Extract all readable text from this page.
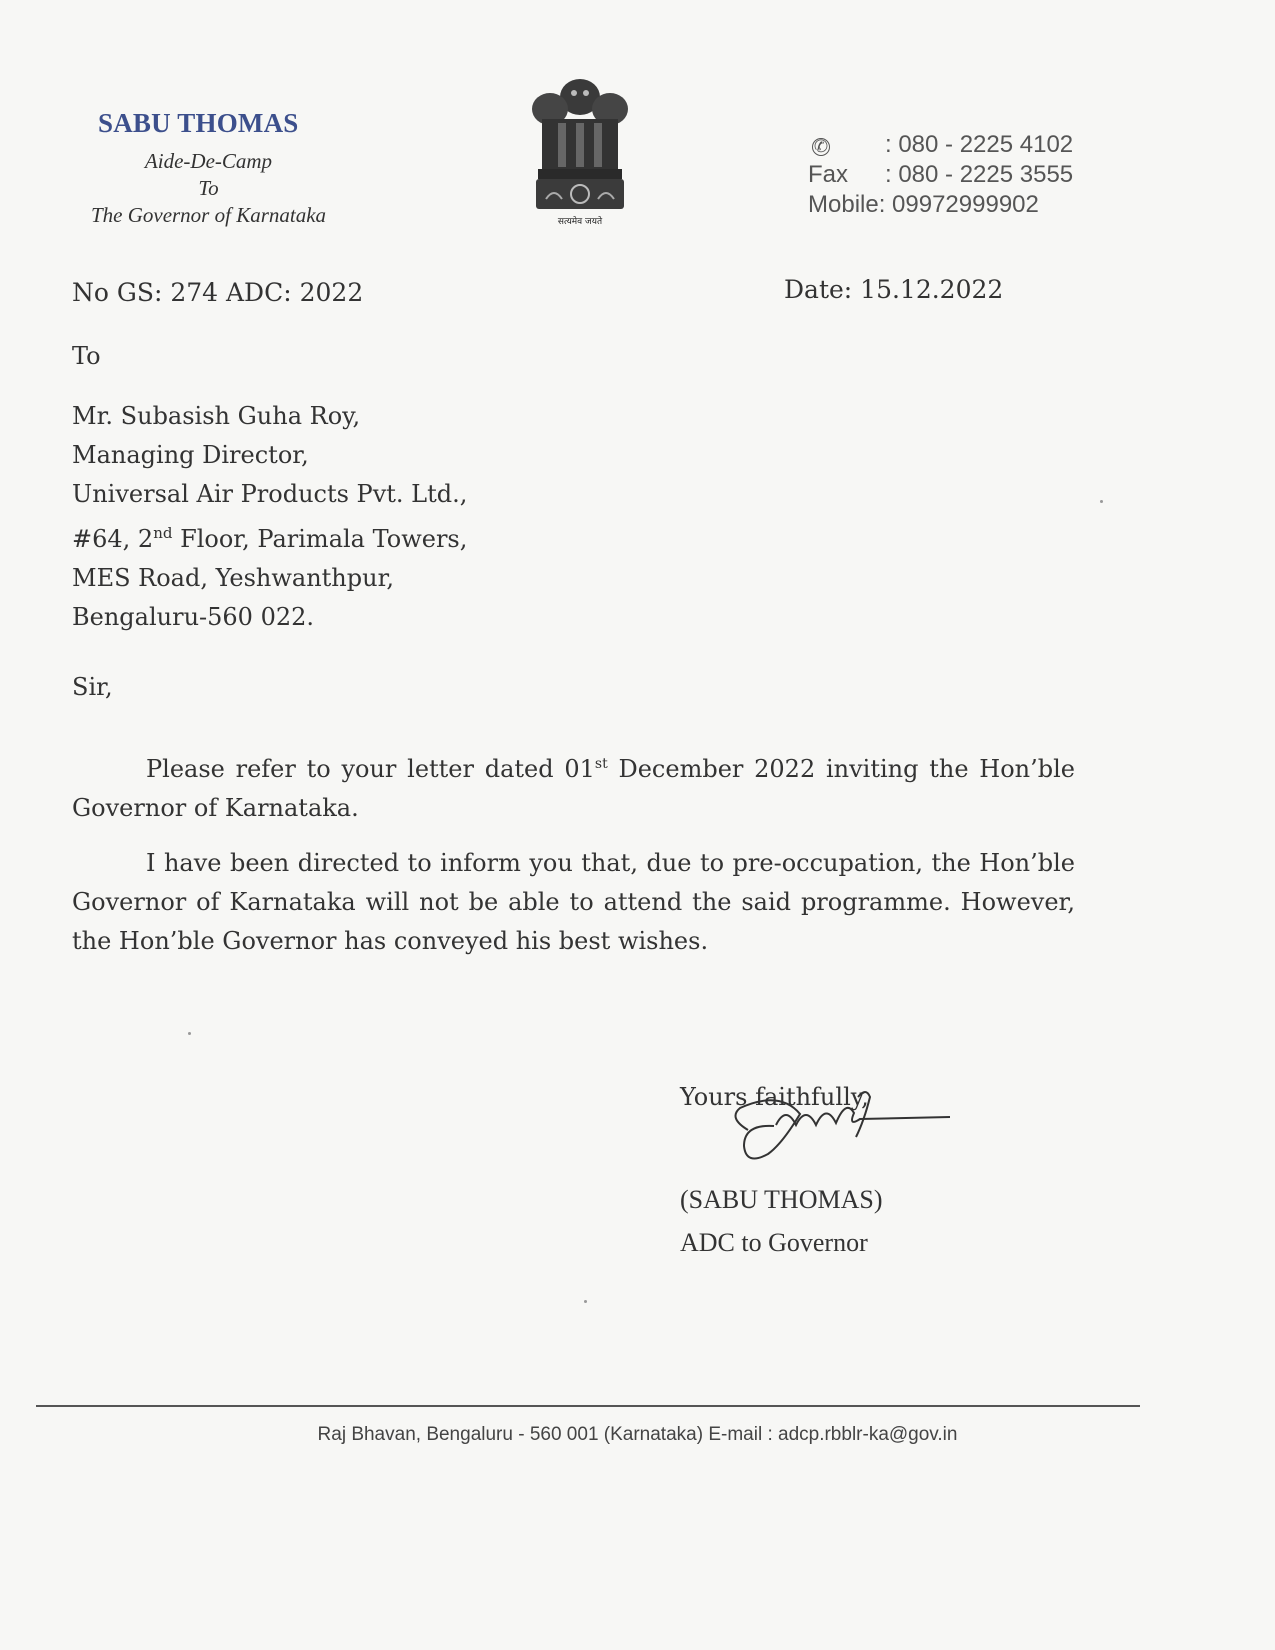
SABU THOMAS
Aide-De-Camp
To
The Governor of Karnataka	सत्यमेव जयते
✆	: 080 - 2225 4102
Fax	: 080 - 2225 3555
Mobile : 09972999902
No GS: 274 ADC: 2022	Date: 15.12.2022
To
Mr. Subasish Guha Roy,
Managing Director,
Universal Air Products Pvt. Ltd.,
#64, 2nd Floor, Parimala Towers,
MES Road, Yeshwanthpur,
Bengaluru-560 022.
Sir,
Please refer to your letter dated 01st December 2022 inviting the Hon’ble Governor of Karnataka.
I have been directed to inform you that, due to pre-occupation, the Hon’ble Governor of Karnataka will not be able to attend the said programme. However, the Hon’ble Governor has conveyed his best wishes.
Yours faithfully,
(SABU THOMAS)
ADC to Governor
Raj Bhavan, Bengaluru - 560 001 (Karnataka) E-mail : adcp.rbblr-ka@gov.in
